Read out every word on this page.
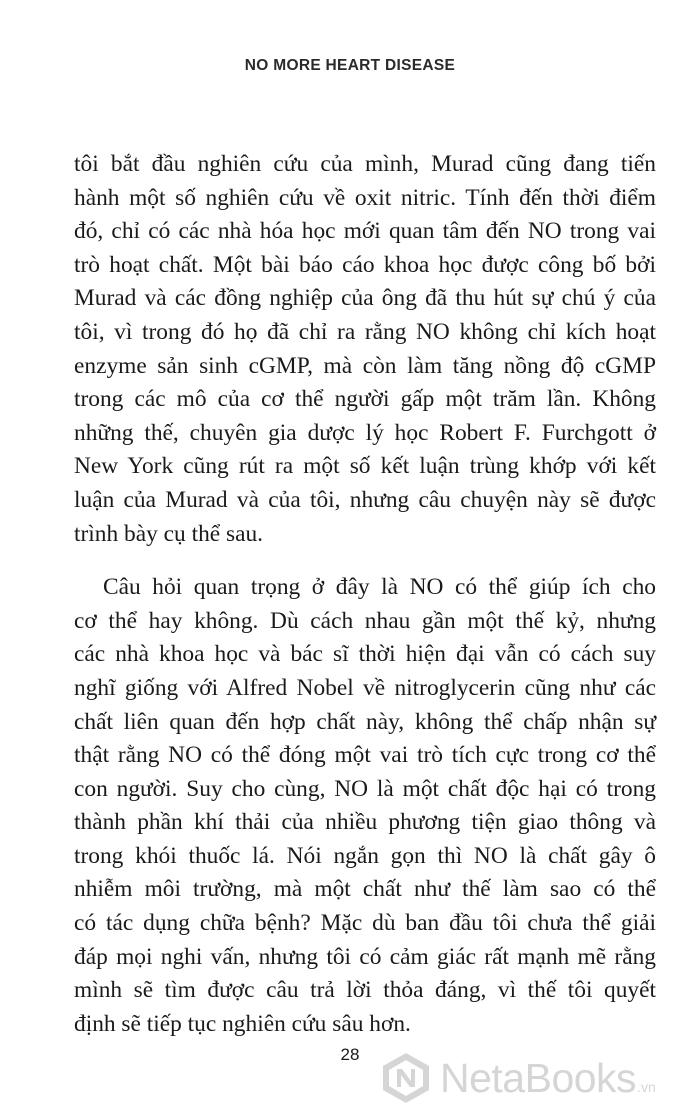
NO MORE HEART DISEASE
tôi bắt đầu nghiên cứu của mình, Murad cũng đang tiến
hành một số nghiên cứu về oxit nitric. Tính đến thời điểm
đó, chỉ có các nhà hóa học mới quan tâm đến NO trong vai
trò hoạt chất. Một bài báo cáo khoa học được công bố bởi
Murad và các đồng nghiệp của ông đã thu hút sự chú ý của
tôi, vì trong đó họ đã chỉ ra rằng NO không chỉ kích hoạt
enzyme sản sinh cGMP, mà còn làm tăng nồng độ cGMP
trong các mô của cơ thể người gấp một trăm lần. Không
những thế, chuyên gia dược lý học Robert F. Furchgott ở
New York cũng rút ra một số kết luận trùng khớp với kết
luận của Murad và của tôi, nhưng câu chuyện này sẽ được
trình bày cụ thể sau.
Câu hỏi quan trọng ở đây là NO có thể giúp ích cho
cơ thể hay không. Dù cách nhau gần một thế kỷ, nhưng
các nhà khoa học và bác sĩ thời hiện đại vẫn có cách suy
nghĩ giống với Alfred Nobel về nitroglycerin cũng như các
chất liên quan đến hợp chất này, không thể chấp nhận sự
thật rằng NO có thể đóng một vai trò tích cực trong cơ thể
con người. Suy cho cùng, NO là một chất độc hại có trong
thành phần khí thải của nhiều phương tiện giao thông và
trong khói thuốc lá. Nói ngắn gọn thì NO là chất gây ô
nhiễm môi trường, mà một chất như thế làm sao có thể
có tác dụng chữa bệnh? Mặc dù ban đầu tôi chưa thể giải
đáp mọi nghi vấn, nhưng tôi có cảm giác rất mạnh mẽ rằng
mình sẽ tìm được câu trả lời thỏa đáng, vì thế tôi quyết
định sẽ tiếp tục nghiên cứu sâu hơn.
28	NetaBooks .vn
